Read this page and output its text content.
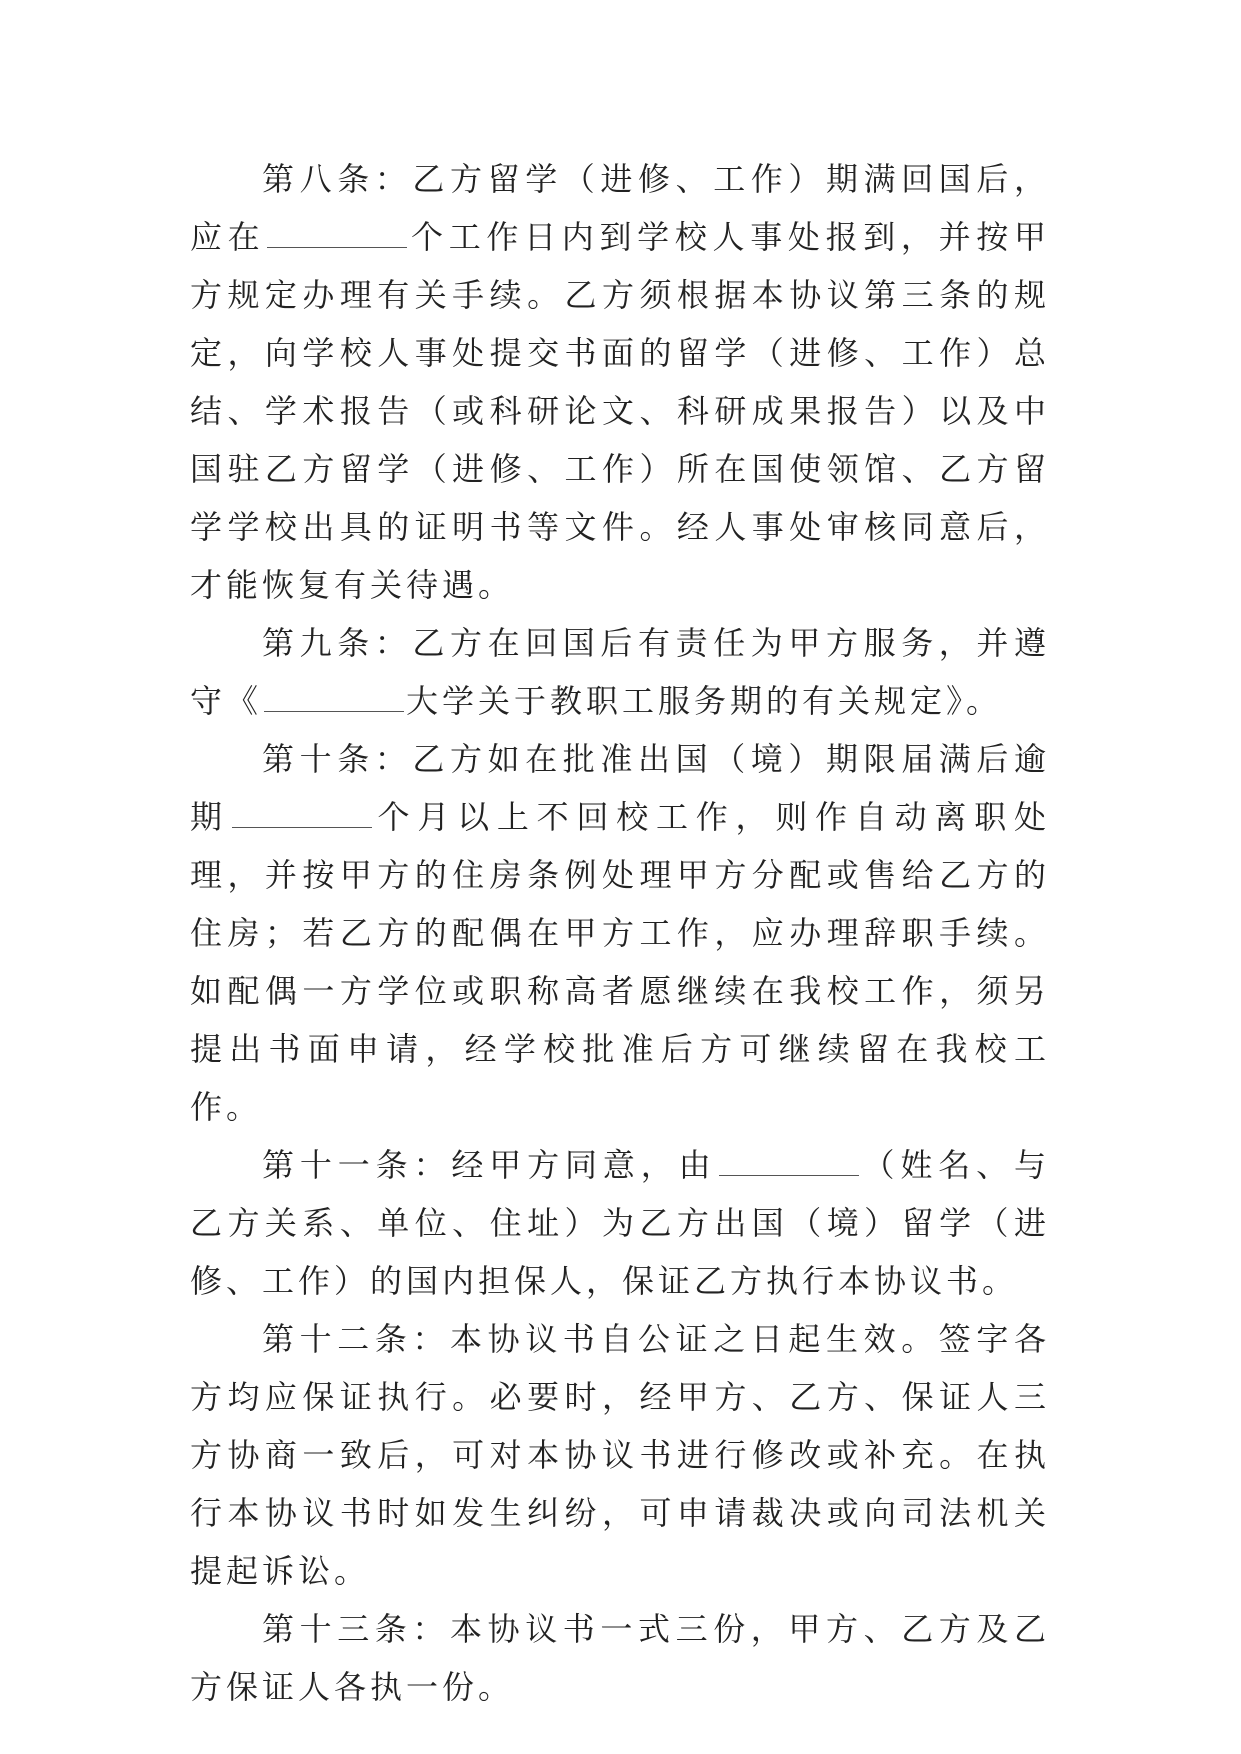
第八条：乙方留学（进修、工作）期满回国后，应在	个工作日内到学校人事处报到，并按甲方规定办理有关手续。乙方须根据本协议第三条的规定，向学校人事处提交书面的留学（进修、工作）总结、学术报告（或科研论文、科研成果报告）以及中国驻乙方留学（进修、工作）所在国使领馆、乙方留学学校出具的证明书等文件。经人事处审核同意后，才能恢复有关待遇。

第九条：乙方在回国后有责任为甲方服务，并遵守《	大学关于教职工服务期的有关规定》。

第十条：乙方如在批准出国（境）期限届满后逾期	个月以上不回校工作，则作自动离职处理，并按甲方的住房条例处理甲方分配或售给乙方的住房；若乙方的配偶在甲方工作，应办理辞职手续。如配偶一方学位或职称高者愿继续在我校工作，须另提出书面申请，经学校批准后方可继续留在我校工作。

第十一条：经甲方同意，由	（姓名、与乙方关系、单位、住址）为乙方出国（境）留学（进修、工作）的国内担保人，保证乙方执行本协议书。

第十二条：本协议书自公证之日起生效。签字各方均应保证执行。必要时，经甲方、乙方、保证人三方协商一致后，可对本协议书进行修改或补充。在执行本协议书时如发生纠纷，可申请裁决或向司法机关提起诉讼。

第十三条：本协议书一式三份，甲方、乙方及乙方保证人各执一份。
